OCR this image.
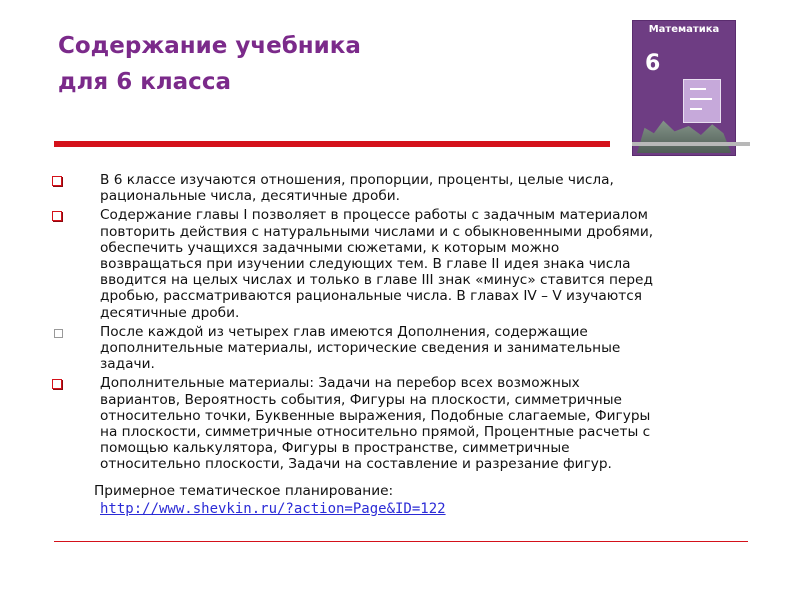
Содержание учебника
для 6 класса
Математика
6
В 6 классе изучаются отношения, пропорции, проценты, целые числа,
рациональные числа, десятичные дроби.
Содержание главы I позволяет в процессе работы с задачным материалом
повторить действия с натуральными числами и с обыкновенными дробями,
обеспечить учащихся задачными сюжетами, к которым можно
возвращаться при изучении следующих тем. В главе II идея знака числа
вводится на целых числах и только в главе III знак «минус» ставится перед
дробью, рассматриваются рациональные числа. В главах IV – V изучаются
десятичные дроби.
После каждой из четырех глав имеются Дополнения, содержащие
дополнительные материалы, исторические сведения и занимательные
задачи.
Дополнительные материалы: Задачи на перебор всех возможных
вариантов, Вероятность события, Фигуры на плоскости, симметричные
относительно точки, Буквенные выражения, Подобные слагаемые, Фигуры
на плоскости, симметричные относительно прямой, Процентные расчеты с
помощью калькулятора, Фигуры в пространстве, симметричные
относительно плоскости, Задачи на составление и разрезание фигур.
Примерное тематическое планирование:
http://www.shevkin.ru/?action=Page&ID=122
